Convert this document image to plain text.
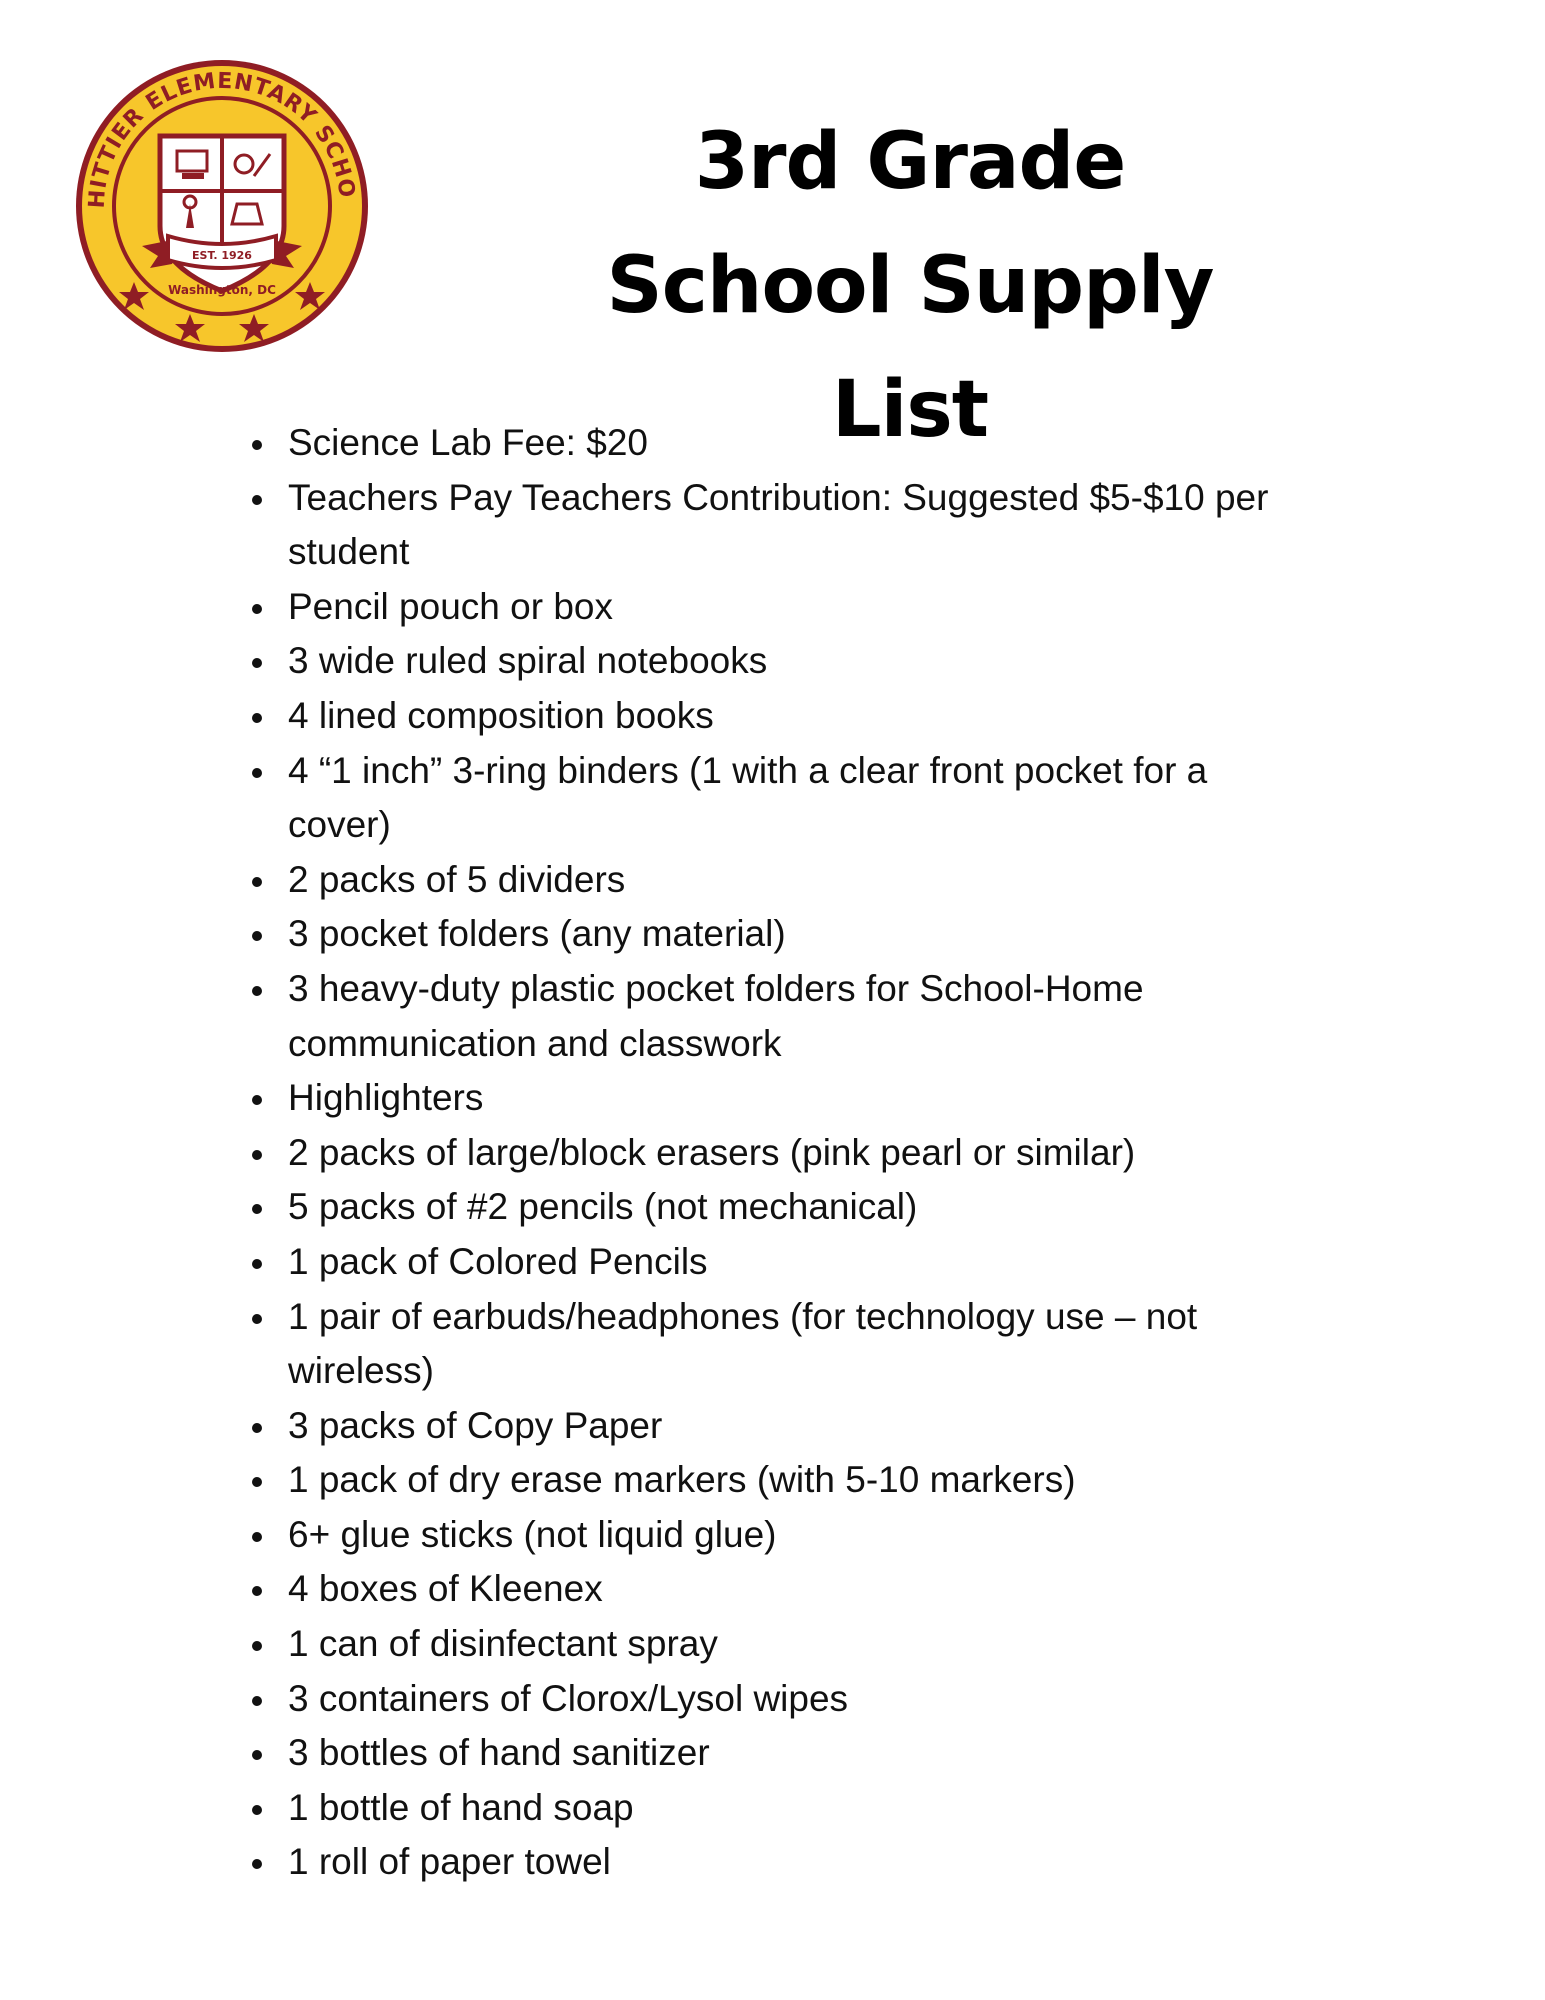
HITTIER ELEMENTARY SCHO
EST. 1926
Washington, DC
3rd Grade
School Supply List
Science Lab Fee: $20
Teachers Pay Teachers Contribution: Suggested $5-$10 per student
Pencil pouch or box
3 wide ruled spiral notebooks
4 lined composition books
4 “1 inch” 3-ring binders (1 with a clear front pocket for a cover)
2 packs of 5 dividers
3 pocket folders (any material)
3 heavy-duty plastic pocket folders for School-Home communication and classwork
Highlighters
2 packs of large/block erasers (pink pearl or similar)
5 packs of #2 pencils (not mechanical)
1 pack of Colored Pencils
1 pair of earbuds/headphones (for technology use – not wireless)
3 packs of Copy Paper
1 pack of dry erase markers (with 5-10 markers)
6+ glue sticks (not liquid glue)
4 boxes of Kleenex
1 can of disinfectant spray
3 containers of Clorox/Lysol wipes
3 bottles of hand sanitizer
1 bottle of hand soap
1 roll of paper towel
